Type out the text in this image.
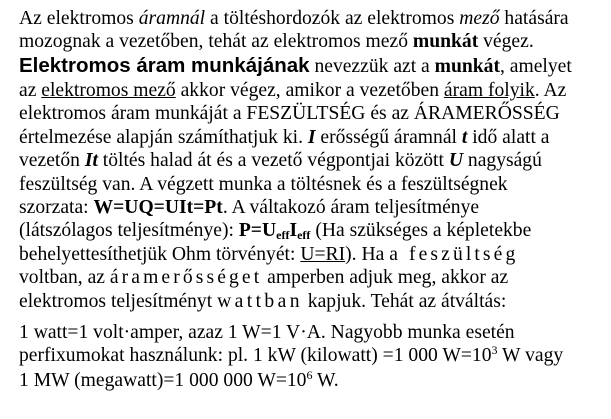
Az elektromos áramnál a töltéshordozók az elektromos mező hatására
mozognak a vezetőben, tehát az elektromos mező munkát végez.
Elektromos áram munkájának nevezzük azt a munkát, amelyet
az elektromos mező akkor végez, amikor a vezetőben áram folyik. Az
elektromos áram munkáját a FESZÜLTSÉG és az ÁRAMERŐSSÉG
értelmezése alapján számíthatjuk ki. I erősségű áramnál t idő alatt a
vezetőn It töltés halad át és a vezető végpontjai között U nagyságú
feszültség van. A végzett munka a töltésnek és a feszültségnek
szorzata: W=UQ=UIt=Pt. A váltakozó áram teljesítménye
(látszólagos teljesítménye): $P=U_{eff}I_{eff}$ (Ha szükséges a képletekbe
behelyettesíthetjük Ohm törvényét: U=RI). Ha a feszültség
voltban, az áramerősséget amperben adjuk meg, akkor az
elektromos teljesítményt wattban kapjuk. Tehát az átváltás:
1 watt=1 volt·amper, azaz 1 W=1 V·A. Nagyobb munka esetén
perfixumokat használunk: pl. 1 kW (kilowatt) =1 000 $W=10^3$ W vagy
1 MW (megawatt)=1 000 000 $W=10^6$ W.
